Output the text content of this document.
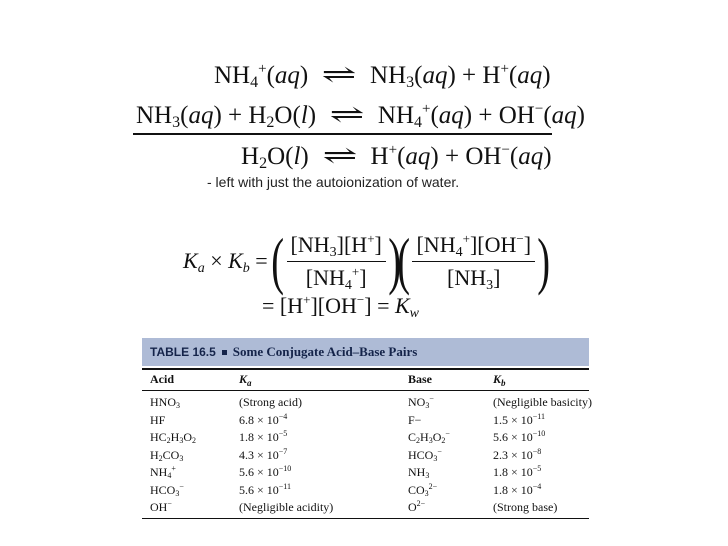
$NH_4^+(aq)$ ⇌ $NH_3(aq) + H^+(aq)$
$NH_3(aq) + H_2O(l)$ ⇌ $NH_4^+(aq) + OH^-(aq)$
$H_2O(l)$ ⇌ H+(aq) + OH−(aq)
- left with just the autoionization of water.
$K_a \times K_b$ =
( $\frac{[NH_3][H^+]}{[NH_4^+]}$ )
( $\frac{[NH_4^+][OH^-]}{[NH_3]}$ )
= $[H^+][OH^-] = K_w$
TABLE 16.5 Some Conjugate Acid–Base Pairs
Acid	$K_a$	Base	$K_b$
$HNO_3$	(Strong acid)	$NO_3^-$	(Negligible basicity)
HF	$6.8 \times 10^{-4}$	F−	$1.5 \times 10^{-11}$
$HC_2H_3O_2$	$1.8 \times 10^{-5}$	$C_2H_3O_2^-$	$5.6 \times 10^{-10}$
$H_2CO_3$	$4.3 \times 10^{-7}$	$HCO_3^-$	$2.3 \times 10^{-8}$
$NH_4^+$	$5.6 \times 10^{-10}$	$NH_3$	$1.8 \times 10^{-5}$
$HCO_3^-$	$5.6 \times 10^{-11}$	$CO_3^{2-}$	$1.8 \times 10^{-4}$
OH−	(Negligible acidity)	$O^{2-}$	(Strong base)
